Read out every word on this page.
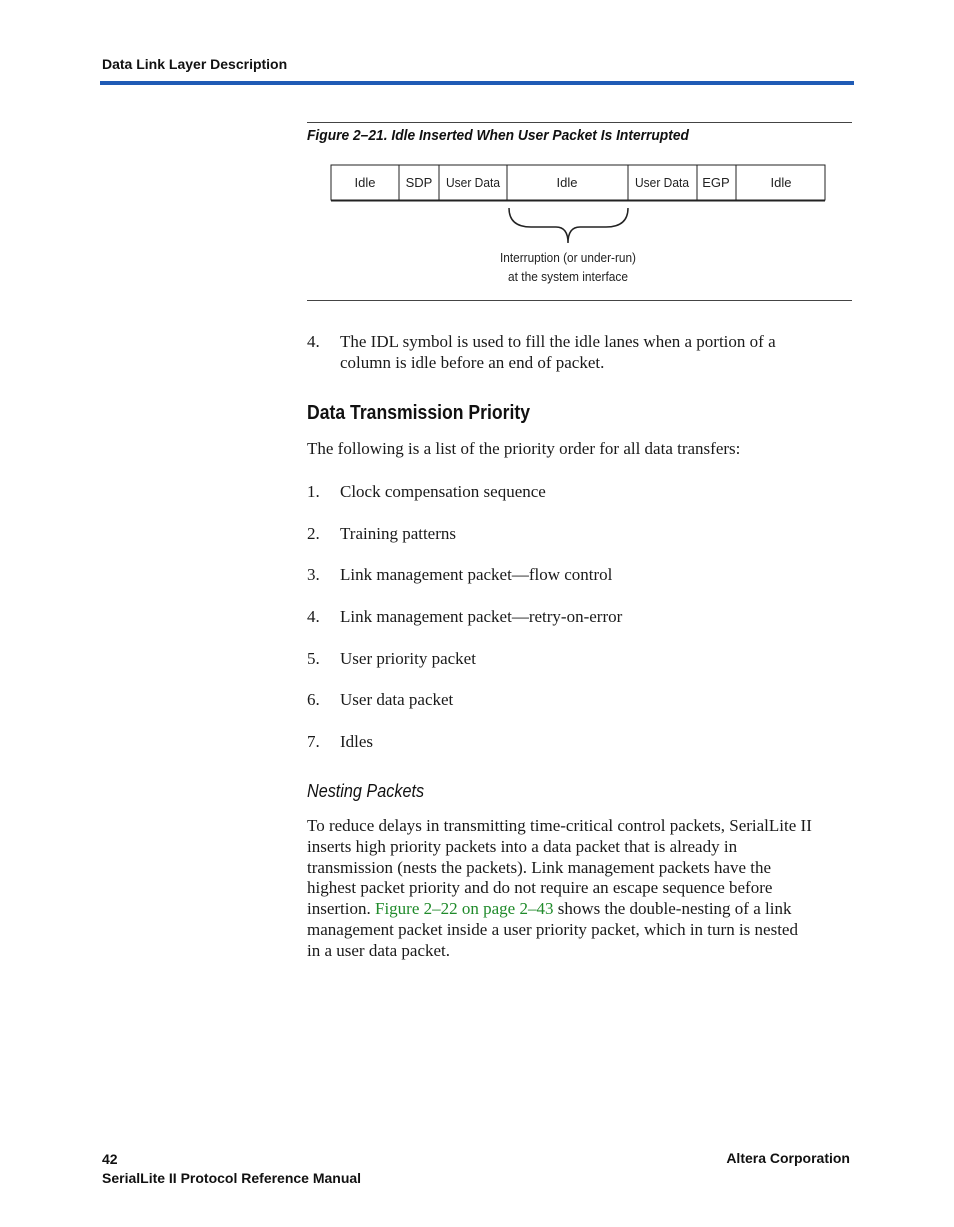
Data Link Layer Description
Figure 2–21. Idle Inserted When User Packet Is Interrupted
Idle SDP User Data	Idle	User Data EGP	Idle
Interruption (or under-run)
at the system interface
4. The IDL symbol is used to fill the idle lanes when a portion of a
column is idle before an end of packet.
Data Transmission Priority
The following is a list of the priority order for all data transfers:
1. Clock compensation sequence
2. Training patterns
3. Link management packet—flow control
4. Link management packet—retry-on-error
5. User priority packet
6. User data packet
7. Idles
Nesting Packets
To reduce delays in transmitting time-critical control packets, SerialLite II
inserts high priority packets into a data packet that is already in
transmission (nests the packets). Link management packets have the
highest packet priority and do not require an escape sequence before
insertion. Figure 2–22 on page 2–43 shows the double-nesting of a link
management packet inside a user priority packet, which in turn is nested
in a user data packet.
42
SerialLite II Protocol Reference Manual
Altera Corporation
